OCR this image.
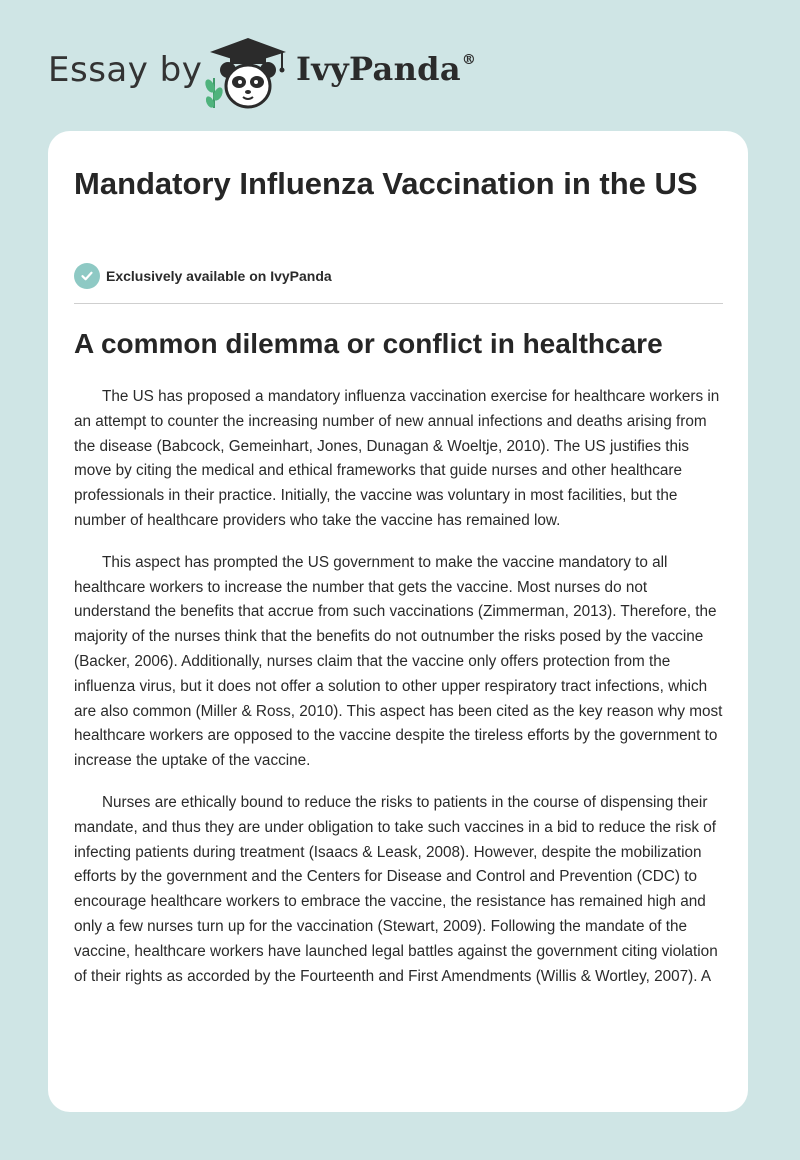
Essay by	IvyPanda®
Mandatory Influenza Vaccination in the US
Exclusively available on IvyPanda
A common dilemma or conflict in healthcare

The US has proposed a mandatory influenza vaccination exercise for healthcare workers in an attempt to counter the increasing number of new annual infections and deaths arising from the disease (Babcock, Gemeinhart, Jones, Dunagan & Woeltje, 2010). The US justifies this move by citing the medical and ethical frameworks that guide nurses and other healthcare professionals in their practice. Initially, the vaccine was voluntary in most facilities, but the number of healthcare providers who take the vaccine has remained low.

This aspect has prompted the US government to make the vaccine mandatory to all healthcare workers to increase the number that gets the vaccine. Most nurses do not understand the benefits that accrue from such vaccinations (Zimmerman, 2013). Therefore, the majority of the nurses think that the benefits do not outnumber the risks posed by the vaccine (Backer, 2006). Additionally, nurses claim that the vaccine only offers protection from the influenza virus, but it does not offer a solution to other upper respiratory tract infections, which are also common (Miller & Ross, 2010). This aspect has been cited as the key reason why most healthcare workers are opposed to the vaccine despite the tireless efforts by the government to increase the uptake of the vaccine.

Nurses are ethically bound to reduce the risks to patients in the course of dispensing their mandate, and thus they are under obligation to take such vaccines in a bid to reduce the risk of infecting patients during treatment (Isaacs & Leask, 2008). However, despite the mobilization efforts by the government and the Centers for Disease and Control and Prevention (CDC) to encourage healthcare workers to embrace the vaccine, the resistance has remained high and only a few nurses turn up for the vaccination (Stewart, 2009). Following the mandate of the vaccine, healthcare workers have launched legal battles against the government citing violation of their rights as accorded by the Fourteenth and First Amendments (Willis & Wortley, 2007). A
